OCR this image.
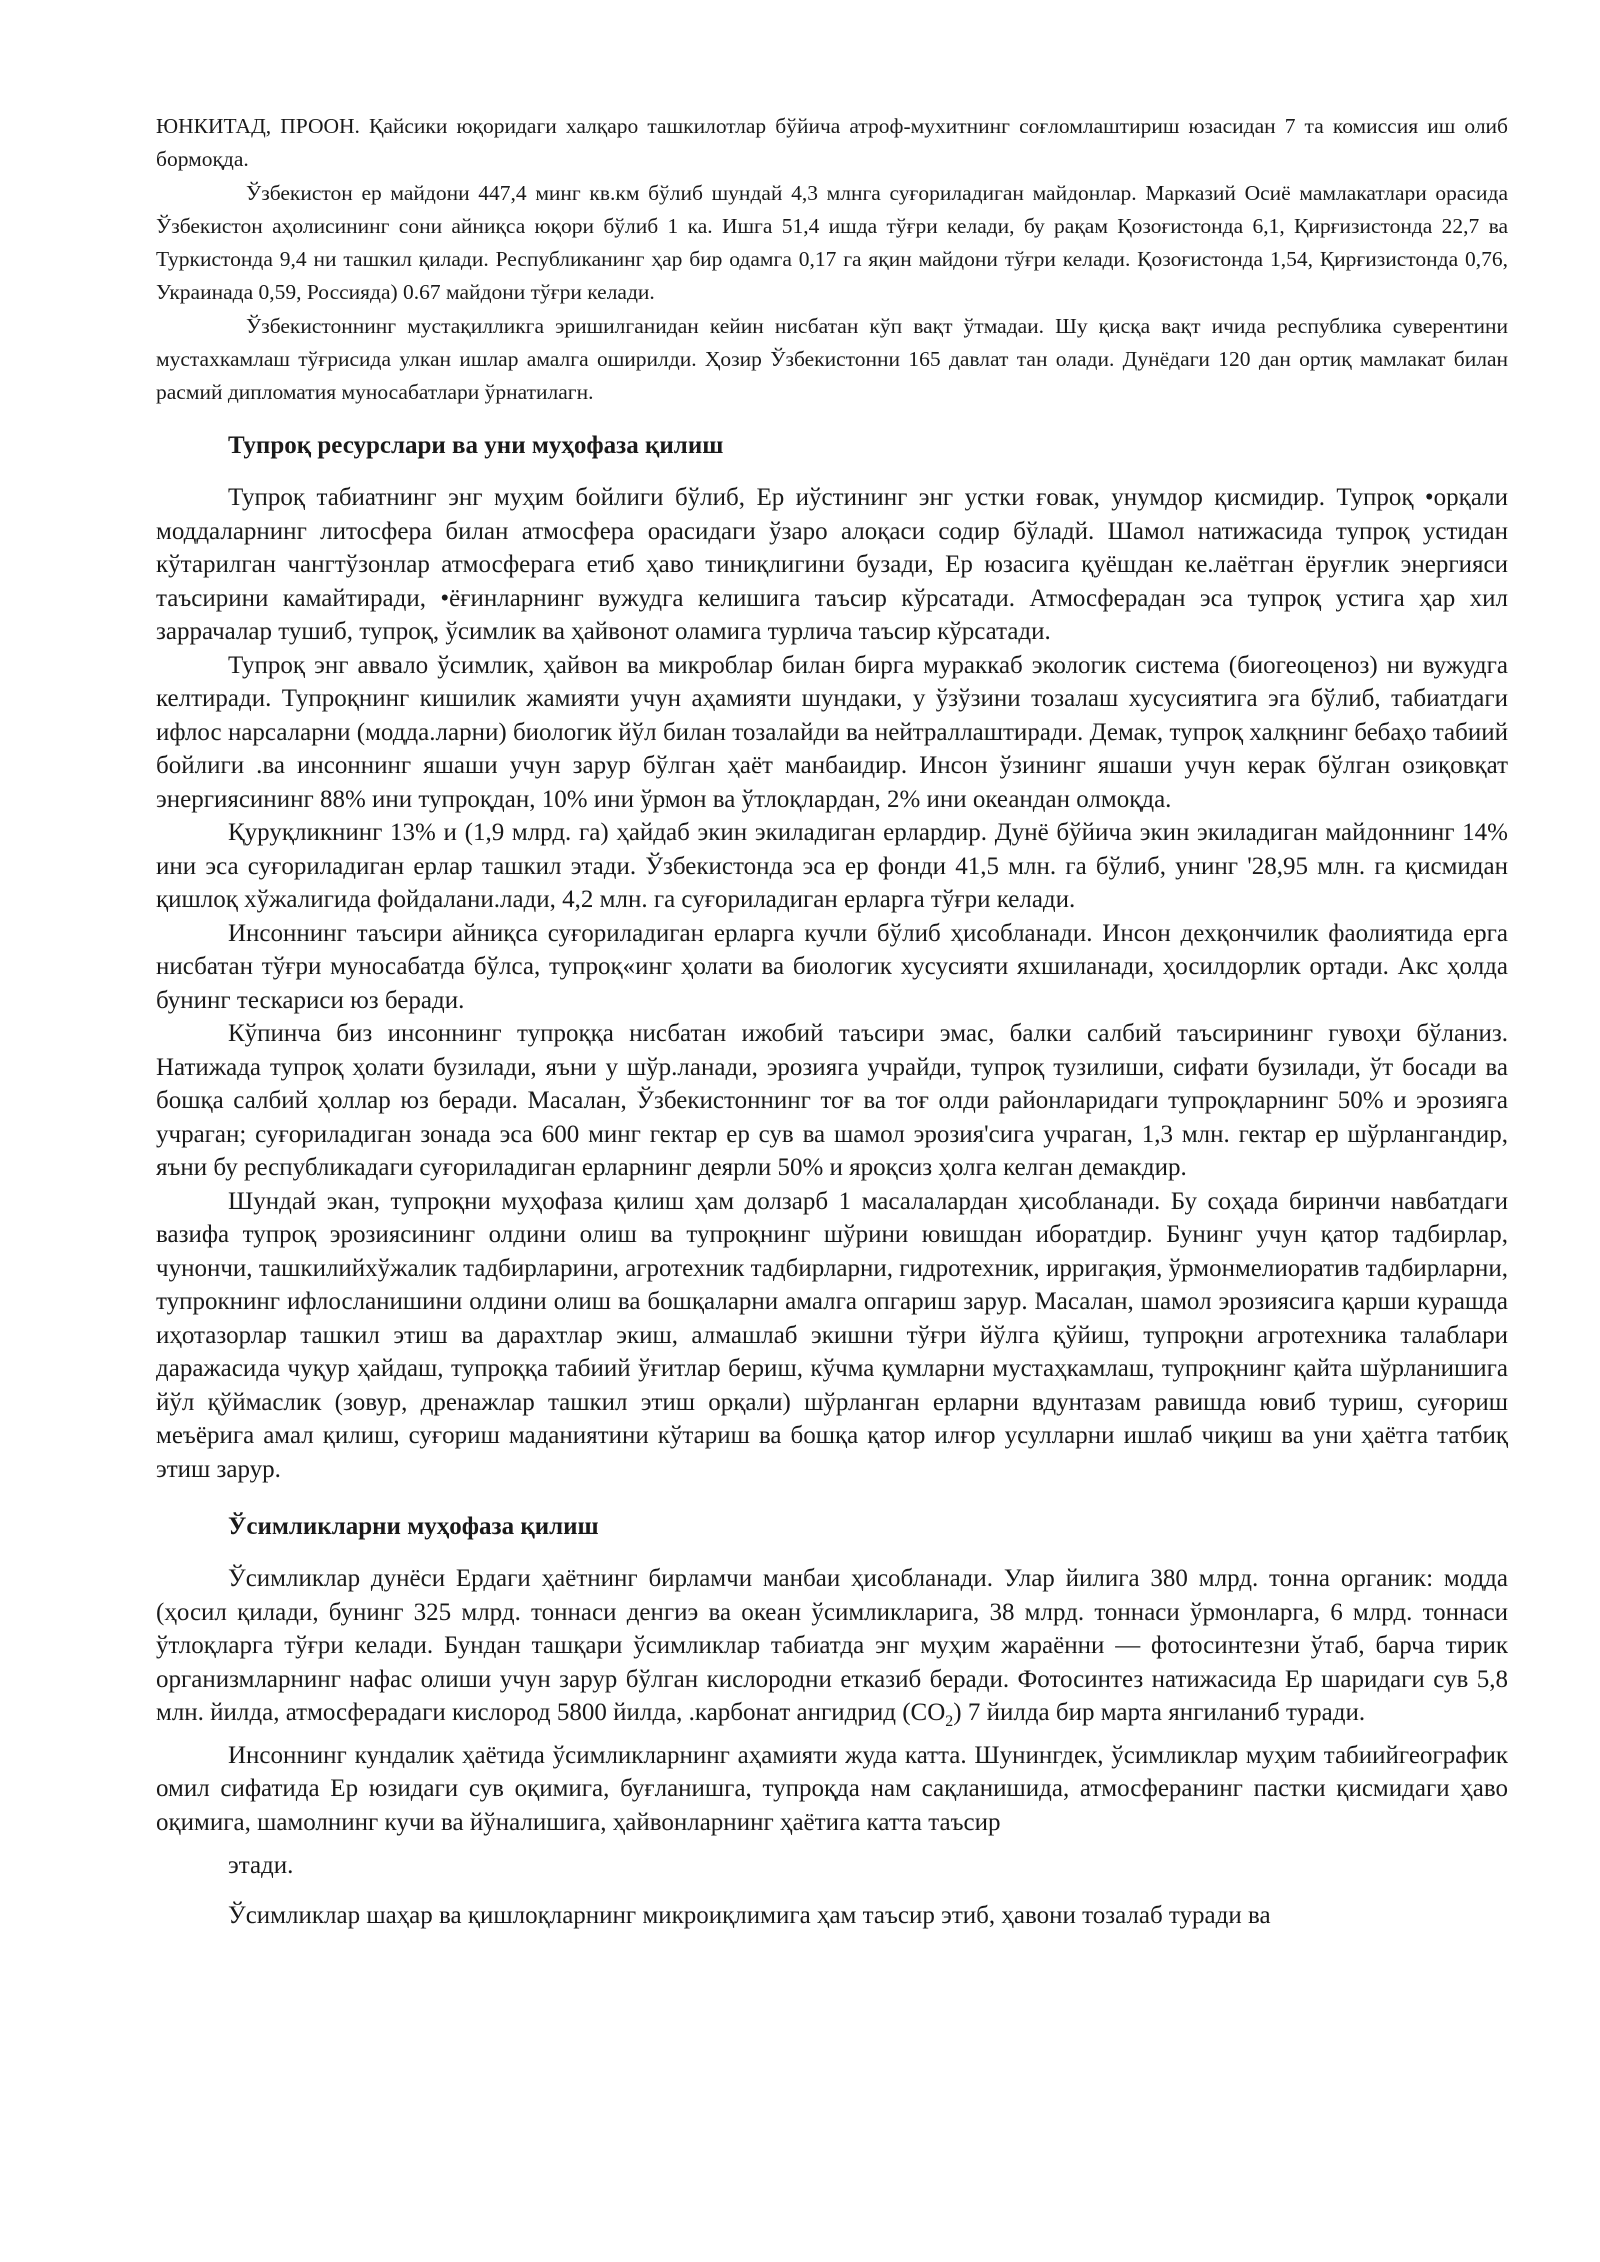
ЮНКИТАД, ПРООН. Қайсики юқоридаги халқаро ташкилотлар бўйича атроф-мухитнинг соғломлаштириш юзасидан 7 та комиссия иш олиб бормоқда.

Ўзбекистон ер майдони 447,4 минг кв.км бўлиб шундай 4,3 млнга суғориладиган майдонлар. Марказий Осиё мамлакатлари орасида Ўзбекистон аҳолисининг сони айниқса юқори бўлиб 1 ка. Ишга 51,4 ишда тўғри келади, бу рақам Қозоғистонда 6,1, Қирғизистонда 22,7 ва Туркистонда 9,4 ни ташкил қилади. Республиканинг ҳар бир одамга 0,17 га яқин майдони тўғри келади. Қозоғистонда 1,54, Қирғизистонда 0,76, Украинада 0,59, Россияда) 0.67 майдони тўғри келади.

Ўзбекистоннинг мустақилликга эришилганидан кейин нисбатан кўп вақт ўтмадаи. Шу қисқа вақт ичида республика суверентини мустахкамлаш тўғрисида улкан ишлар амалга оширилди. Ҳозир Ўзбекистонни 165 давлат тан олади. Дунёдаги 120 дан ортиқ мамлакат билан расмий дипломатия муносабатлари ўрнатилагн.

Тупроқ ресурслари ва уни муҳофаза қилиш

Тупроқ табиатнинг энг муҳим бойлиги бўлиб, Ер иўстининг энг устки ғовак, унумдор қисмидир. Тупроқ •орқали моддаларнинг литосфера билан атмосфера орасидаги ўзаро алоқаси содир бўладй. Шамол натижасида тупроқ устидан кўтарилган чангтўзонлар атмосферага етиб ҳаво тиниқлигини бузади, Ер юзасига қуёшдан ке.лаётган ёруғлик энергияси таъсирини камайтиради, •ёғинларнинг вужудга келишига таъсир кўрсатади. Атмосферадан эса тупроқ устига ҳар хил заррачалар тушиб, тупроқ, ўсимлик ва ҳайвонот оламига турлича таъсир кўрсатади.

Тупроқ энг аввало ўсимлик, ҳайвон ва микроблар билан бирга мураккаб экологик система (биогеоценоз) ни вужудга келтиради. Тупроқнинг кишилик жамияти учун аҳамияти шундаки, у ўзўзини тозалаш хусусиятига эга бўлиб, табиатдаги ифлос нарсаларни (модда.ларни) биологик йўл билан тозалайди ва нейтраллаштиради. Демак, тупроқ халқнинг бебаҳо табиий бойлиги .ва инсоннинг яшаши учун зарур бўлган ҳаёт манбаидир. Инсон ўзининг яшаши учун керак бўлган озиқовқат энергиясининг 88% ини тупроқдан, 10% ини ўрмон ва ўтлоқлардан, 2% ини океандан олмоқда.

Қуруқликнинг 13% и (1,9 млрд. га) ҳайдаб экин экиладиган ерлардир. Дунё бўйича экин экиладиган майдоннинг 14% ини эса суғориладиган ерлар ташкил этади. Ўзбекистонда эса ер фонди 41,5 млн. га бўлиб, унинг '28,95 млн. га қисмидан қишлоқ хўжалигида фойдалани.лади, 4,2 млн. га суғориладиган ерларга тўғри келади.

Инсоннинг таъсири айниқса суғориладиган ерларга кучли бўлиб ҳисобланади. Инсон дехқончилик фаолиятида ерга нисбатан тўғри муносабатда бўлса, тупроқ«инг ҳолати ва биологик хусусияти яхшиланади, ҳосилдорлик ортади. Акс ҳолда бунинг тескариси юз беради.

Кўпинча биз инсоннинг тупроққа нисбатан ижобий таъсири эмас, балки салбий таъсирининг гувоҳи бўланиз. Натижада тупроқ ҳолати бузилади, яъни у шўр.ланади, эрозияга учрайди, тупроқ тузилиши, сифати бузилади, ўт босади ва бошқа салбий ҳоллар юз беради. Масалан, Ўзбекистоннинг тоғ ва тоғ олди районларидаги тупроқларнинг 50% и эрозияга учраган; суғориладиган зонада эса 600 минг гектар ер сув ва шамол эрозия'сига учраган, 1,3 млн. гектар ер шўрлангандир, яъни бу республикадаги суғориладиган ерларнинг деярли 50% и яроқсиз ҳолга келган демакдир.

Шундай экан, тупроқни муҳофаза қилиш ҳам долзарб 1 масалалардан ҳисобланади. Бу соҳада биринчи навбатдаги вазифа тупроқ эрозиясининг олдини олиш ва тупроқнинг шўрини ювишдан иборатдир. Бунинг учун қатор тадбирлар, чунончи, ташкилийхўжалик тадбирларини, агротехник тадбирларни, гидротехник, ирригақия, ўрмонмелиоратив тадбирларни, тупрокнинг ифлосланишини олдини олиш ва бошқаларни амалга опгариш зарур. Масалан, шамол эрозиясига қарши курашда иҳотазорлар ташкил этиш ва дарахтлар экиш, алмашлаб экишни тўғри йўлга қўйиш, тупроқни агротехника талаблари даражасида чуқур ҳайдаш, тупроққа табиий ўғитлар бериш, кўчма қумларни мустаҳкамлаш, тупроқнинг қайта шўрланишига йўл қўймаслик (зовур, дренажлар ташкил этиш орқали) шўрланган ерларни вдунтазам равишда ювиб туриш, суғориш меъёрига амал қилиш, суғориш маданиятини кўтариш ва бошқа қатор илғор усулларни ишлаб чиқиш ва уни ҳаётга татбиқ этиш зарур.

Ўсимликларни муҳофаза қилиш

Ўсимликлар дунёси Ердаги ҳаётнинг бирламчи манбаи ҳисобланади. Улар йилига 380 млрд. тонна органик: модда (ҳосил қилади, бунинг 325 млрд. тоннаси денгиэ ва океан ўсимликларига, 38 млрд. тоннаси ўрмонларга, 6 млрд. тоннаси ўтлоқларга тўғри келади. Бундан ташқари ўсимликлар табиатда энг муҳим жараённи — фотосинтезни ўтаб, барча тирик организмларнинг нафас олиши учун зарур бўлган кислородни етказиб беради. Фотосинтез натижасида Ер шаридаги сув 5,8 млн. йилда, атмосферадаги кислород 5800 йилда, .карбонат ангидрид $(СО_2)$ 7 йилда бир марта янгиланиб туради.

Инсоннинг кундалик ҳаётида ўсимликларнинг аҳамияти жуда катта. Шунингдек, ўсимликлар муҳим табиийгеографик омил сифатида Ер юзидаги сув оқимига, буғланишга, тупроқда нам сақланишида, атмосферанинг пастки қисмидаги ҳаво оқимига, шамолнинг кучи ва йўналишига, ҳайвонларнинг ҳаётига катта таъсир

этади.

Ўсимликлар шаҳар ва қишлоқларнинг микроиқлимига ҳам таъсир этиб, ҳавони тозалаб туради ва
